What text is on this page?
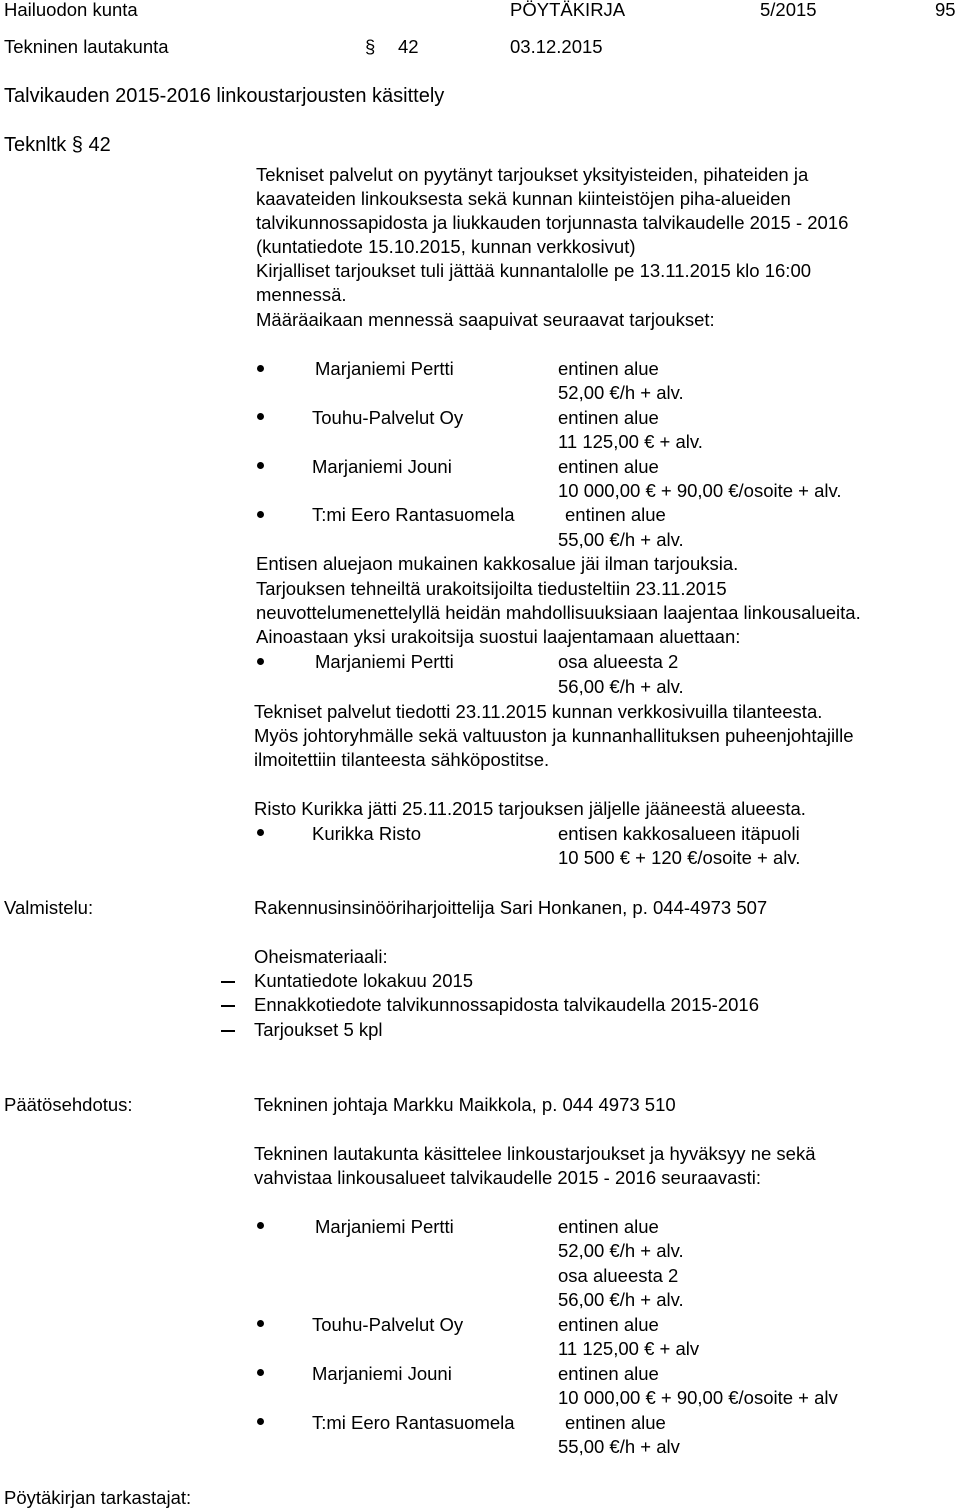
Hailuodon kunta	PÖYTÄKIRJA	5/2015	95
Tekninen lautakunta	§ 42	03.12.2015
Talvikauden 2015-2016 linkoustarjousten käsittely
Teknltk § 42
Tekniset palvelut on pyytänyt tarjoukset yksityisteiden, pihateiden ja
kaavateiden linkouksesta sekä kunnan kiinteistöjen piha-alueiden
talvikunnossapidosta ja liukkauden torjunnasta talvikaudelle 2015 - 2016
(kuntatiedote 15.10.2015, kunnan verkkosivut)
Kirjalliset tarjoukset tuli jättää kunnantalolle pe 13.11.2015 klo 16:00
mennessä.
Määräaikaan mennessä saapuivat seuraavat tarjoukset:
Marjaniemi Pertti	entinen alue
52,00 €/h + alv.
Touhu-Palvelut Oy	entinen alue
11 125,00 € + alv.
Marjaniemi Jouni	entinen alue
10 000,00 € + 90,00 €/osoite + alv.
T:mi Eero Rantasuomela	entinen alue
55,00 €/h + alv.
Entisen aluejaon mukainen kakkosalue jäi ilman tarjouksia.
Tarjouksen tehneiltä urakoitsijoilta tiedusteltiin 23.11.2015
neuvottelumenettelyllä heidän mahdollisuuksiaan laajentaa linkousalueita.
Ainoastaan yksi urakoitsija suostui laajentamaan aluettaan:
Marjaniemi Pertti	osa alueesta 2
56,00 €/h + alv.
Tekniset palvelut tiedotti 23.11.2015 kunnan verkkosivuilla tilanteesta.
Myös johtoryhmälle sekä valtuuston ja kunnanhallituksen puheenjohtajille
ilmoitettiin tilanteesta sähköpostitse.
Risto Kurikka jätti 25.11.2015 tarjouksen jäljelle jääneestä alueesta.
Kurikka Risto	entisen kakkosalueen itäpuoli
10 500 € + 120 €/osoite + alv.
Valmistelu:	Rakennusinsinööriharjoittelija Sari Honkanen, p. 044-4973 507
Oheismateriaali:
Kuntatiedote lokakuu 2015
Ennakkotiedote talvikunnossapidosta talvikaudella 2015-2016
Tarjoukset 5 kpl
Päätösehdotus:	Tekninen johtaja Markku Maikkola, p. 044 4973 510
Tekninen lautakunta käsittelee linkoustarjoukset ja hyväksyy ne sekä
vahvistaa linkousalueet talvikaudelle 2015 - 2016 seuraavasti:
Marjaniemi Pertti	entinen alue
52,00 €/h + alv.
osa alueesta 2
56,00 €/h + alv.
Touhu-Palvelut Oy	entinen alue
11 125,00 € + alv
Marjaniemi Jouni	entinen alue
10 000,00 € + 90,00 €/osoite + alv
T:mi Eero Rantasuomela	entinen alue
55,00 €/h + alv
Pöytäkirjan tarkastajat:
